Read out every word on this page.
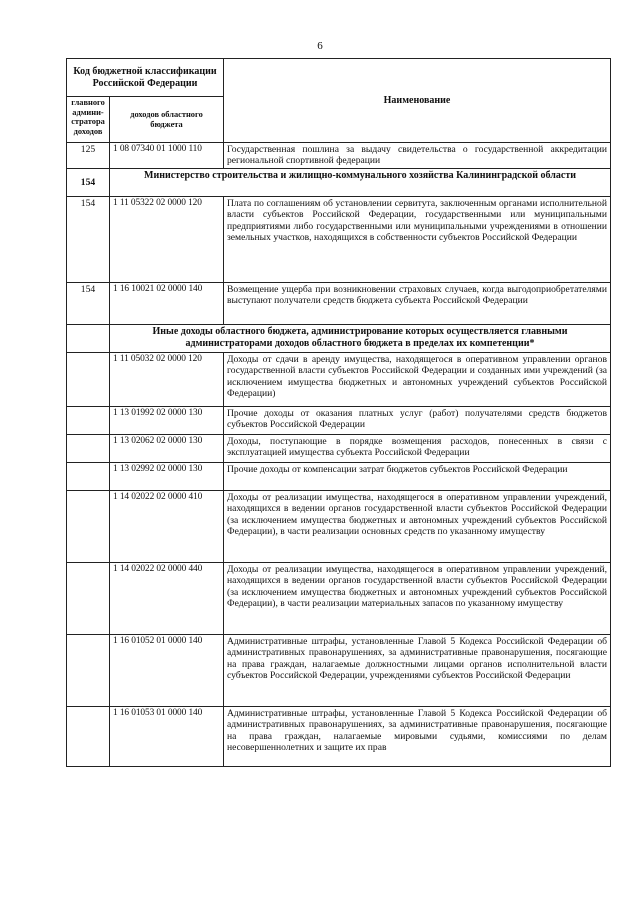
6
Код бюджетной классификации Российской Федерации		Наименование
главного админи-стратора доходов	доходов областного бюджета	
125	1 08 07340 01 1000 110	Государственная пошлина за выдачу свидетельства о государственной аккредитации региональной спортивной федерации
154	Министерство строительства и жилищно-коммунального хозяйства Калининградской области	
154	1 11 05322 02 0000 120	Плата по соглашениям об установлении сервитута, заключенным органами исполнительной власти субъектов Российской Федерации, государственными или муниципальными предприятиями либо государственными или муниципальными учреждениями в отношении земельных участков, находящихся в собственности субъектов Российской Федерации
154	1 16 10021 02 0000 140	Возмещение ущерба при возникновении страховых случаев, когда выгодоприобретателями выступают получатели средств бюджета субъекта Российской Федерации
	Иные доходы областного бюджета, администрирование которых осуществляется главными администраторами доходов областного бюджета в пределах их компетенции*	
	1 11 05032 02 0000 120	Доходы от сдачи в аренду имущества, находящегося в оперативном управлении органов государственной власти субъектов Российской Федерации и созданных ими учреждений (за исключением имущества бюджетных и автономных учреждений субъектов Российской Федерации)
	1 13 01992 02 0000 130	Прочие доходы от оказания платных услуг (работ) получателями средств бюджетов субъектов Российской Федерации
	1 13 02062 02 0000 130	Доходы, поступающие в порядке возмещения расходов, понесенных в связи с эксплуатацией имущества субъекта Российской Федерации
	1 13 02992 02 0000 130	Прочие доходы от компенсации затрат бюджетов субъектов Российской Федерации
	1 14 02022 02 0000 410	Доходы от реализации имущества, находящегося в оперативном управлении учреждений, находящихся в ведении органов государственной власти субъектов Российской Федерации (за исключением имущества бюджетных и автономных учреждений субъектов Российской Федерации), в части реализации основных средств по указанному имуществу
	1 14 02022 02 0000 440	Доходы от реализации имущества, находящегося в оперативном управлении учреждений, находящихся в ведении органов государственной власти субъектов Российской Федерации (за исключением имущества бюджетных и автономных учреждений субъектов Российской Федерации), в части реализации материальных запасов по указанному имуществу
	1 16 01052 01 0000 140	Административные штрафы, установленные Главой 5 Кодекса Российской Федерации об административных правонарушениях, за административные правонарушения, посягающие на права граждан, налагаемые должностными лицами органов исполнительной власти субъектов Российской Федерации, учреждениями субъектов Российской Федерации
	1 16 01053 01 0000 140	Административные штрафы, установленные Главой 5 Кодекса Российской Федерации об административных правонарушениях, за административные правонарушения, посягающие на права граждан, налагаемые мировыми судьями, комиссиями по делам несовершеннолетних и защите их прав
